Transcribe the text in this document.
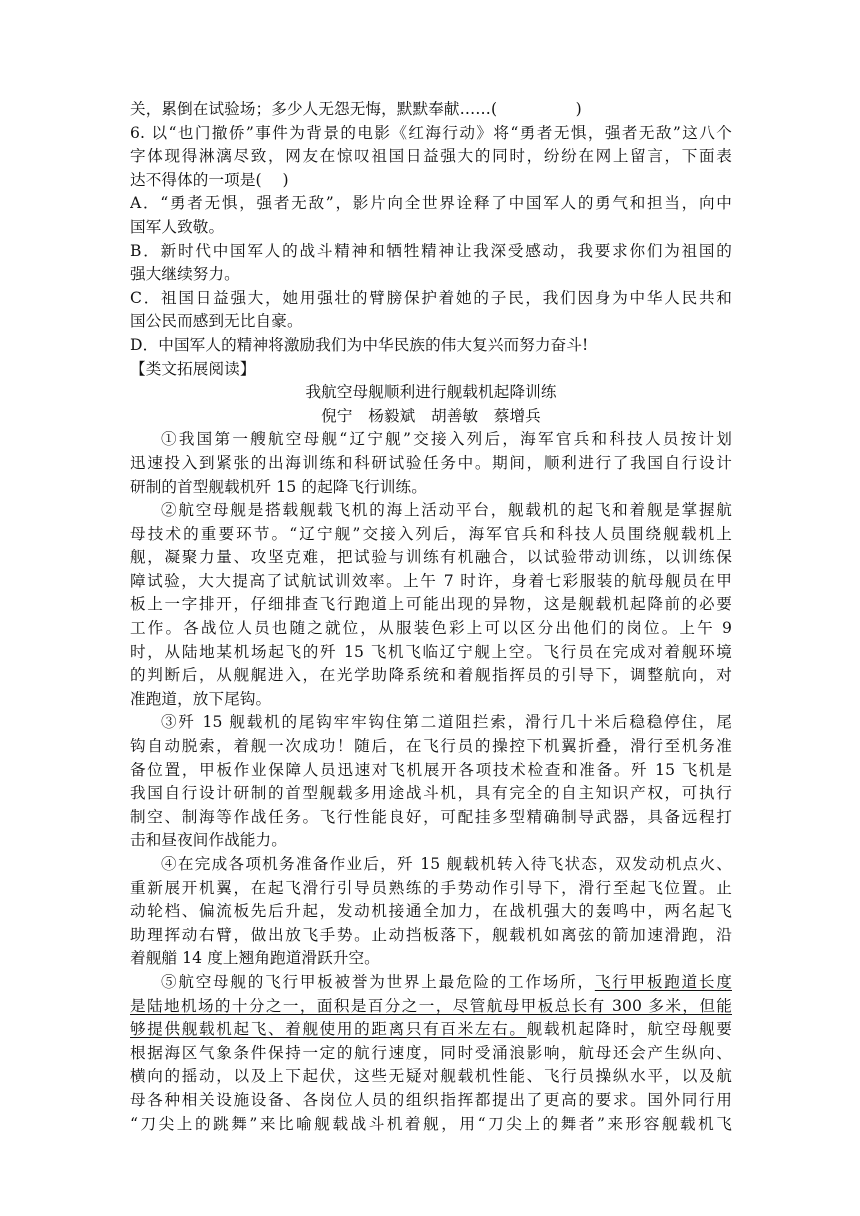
关，累倒在试验场；多少人无怨无悔，默默奉献……(　　　　　)
6. 以“也门撤侨”事件为背景的电影《红海行动》将“勇者无惧，强者无敌”这八个
字体现得淋漓尽致，网友在惊叹祖国日益强大的同时，纷纷在网上留言，下面表
达不得体的一项是(　 )
A．“勇者无惧，强者无敌”，影片向全世界诠释了中国军人的勇气和担当，向中
国军人致敬。
B．新时代中国军人的战斗精神和牺牲精神让我深受感动，我要求你们为祖国的
强大继续努力。
C．祖国日益强大，她用强壮的臂膀保护着她的子民，我们因身为中华人民共和
国公民而感到无比自豪。
D．中国军人的精神将激励我们为中华民族的伟大复兴而努力奋斗!
【类文拓展阅读】
我航空母舰顺利进行舰载机起降训练
倪宁　杨毅斌　胡善敏　蔡增兵
①我国第一艘航空母舰“辽宁舰”交接入列后，海军官兵和科技人员按计划
迅速投入到紧张的出海训练和科研试验任务中。期间，顺利进行了我国自行设计
研制的首型舰载机歼 15 的起降飞行训练。
②航空母舰是搭载舰载飞机的海上活动平台，舰载机的起飞和着舰是掌握航
母技术的重要环节。“辽宁舰”交接入列后，海军官兵和科技人员围绕舰载机上
舰，凝聚力量、攻坚克难，把试验与训练有机融合，以试验带动训练，以训练保
障试验，大大提高了试航试训效率。上午 7 时许，身着七彩服装的航母舰员在甲
板上一字排开，仔细排查飞行跑道上可能出现的异物，这是舰载机起降前的必要
工作。各战位人员也随之就位，从服装色彩上可以区分出他们的岗位。上午 9
时，从陆地某机场起飞的歼 15 飞机飞临辽宁舰上空。飞行员在完成对着舰环境
的判断后，从舰艉进入，在光学助降系统和着舰指挥员的引导下，调整航向，对
准跑道，放下尾钩。
③歼 15 舰载机的尾钩牢牢钩住第二道阻拦索，滑行几十米后稳稳停住，尾
钩自动脱索，着舰一次成功！随后，在飞行员的操控下机翼折叠，滑行至机务准
备位置，甲板作业保障人员迅速对飞机展开各项技术检查和准备。歼 15 飞机是
我国自行设计研制的首型舰载多用途战斗机，具有完全的自主知识产权，可执行
制空、制海等作战任务。飞行性能良好，可配挂多型精确制导武器，具备远程打
击和昼夜间作战能力。
④在完成各项机务准备作业后，歼 15 舰载机转入待飞状态，双发动机点火、
重新展开机翼，在起飞滑行引导员熟练的手势动作引导下，滑行至起飞位置。止
动轮档、偏流板先后升起，发动机接通全加力，在战机强大的轰鸣中，两名起飞
助理挥动右臂，做出放飞手势。止动挡板落下，舰载机如离弦的箭加速滑跑，沿
着舰艏 14 度上翘角跑道滑跃升空。
⑤航空母舰的飞行甲板被誉为世界上最危险的工作场所，飞行甲板跑道长度
是陆地机场的十分之一，面积是百分之一，尽管航母甲板总长有 300 多米，但能
够提供舰载机起飞、着舰使用的距离只有百米左右。舰载机起降时，航空母舰要
根据海区气象条件保持一定的航行速度，同时受涌浪影响，航母还会产生纵向、
横向的摇动，以及上下起伏，这些无疑对舰载机性能、飞行员操纵水平，以及航
母各种相关设施设备、各岗位人员的组织指挥都提出了更高的要求。国外同行用
“刀尖上的跳舞”来比喻舰载战斗机着舰，用“刀尖上的舞者”来形容舰载机飞
